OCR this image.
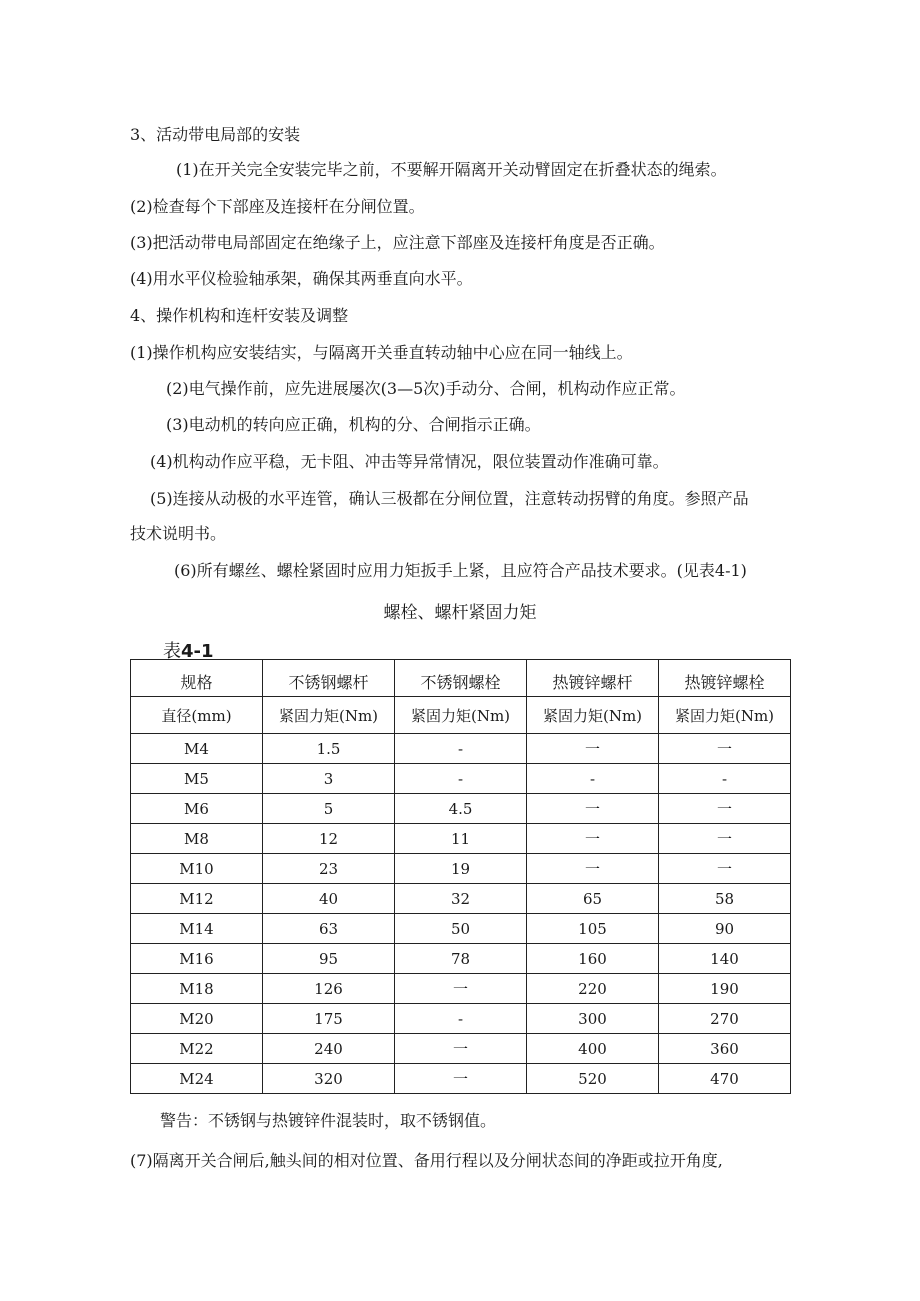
3、活动带电局部的安装
(1)在开关完全安装完毕之前，不要解开隔离开关动臂固定在折叠状态的绳索。
(2)检查每个下部座及连接杆在分闸位置。
(3)把活动带电局部固定在绝缘子上，应注意下部座及连接杆角度是否正确。
(4)用水平仪检验轴承架，确保其两垂直向水平。
4、操作机构和连杆安装及调整
(1)操作机构应安装结实，与隔离开关垂直转动轴中心应在同一轴线上。
(2)电气操作前，应先进展屡次(3—5次)手动分、合闸，机构动作应正常。
(3)电动机的转向应正确，机构的分、合闸指示正确。
(4)机构动作应平稳，无卡阻、冲击等异常情况，限位装置动作准确可靠。
(5)连接从动极的水平连管，确认三极都在分闸位置，注意转动拐臂的角度。参照产品
技术说明书。
(6)所有螺丝、螺栓紧固时应用力矩扳手上紧，且应符合产品技术要求。(见表4-1)
螺栓、螺杆紧固力矩
表4-1
规格	不锈钢螺杆	不锈钢螺栓	热镀锌螺杆	热镀锌螺栓
直径(mm)	紧固力矩(Nm)	紧固力矩(Nm)	紧固力矩(Nm)	紧固力矩(Nm)
M4	1.5	-	一	一
M5	3	-	-	-
M6	5	4.5	一	一
M8	12	11	一	一
M10	23	19	一	一
M12	40	32	65	58
M14	63	50	105	90
M16	95	78	160	140
M18	126	一	220	190
M20	175	-	300	270
M22	240	一	400	360
M24	320	一	520	470
警告：不锈钢与热镀锌件混装时，取不锈钢值。
(7)隔离开关合闸后,触头间的相对位置、备用行程以及分闸状态间的净距或拉开角度,
